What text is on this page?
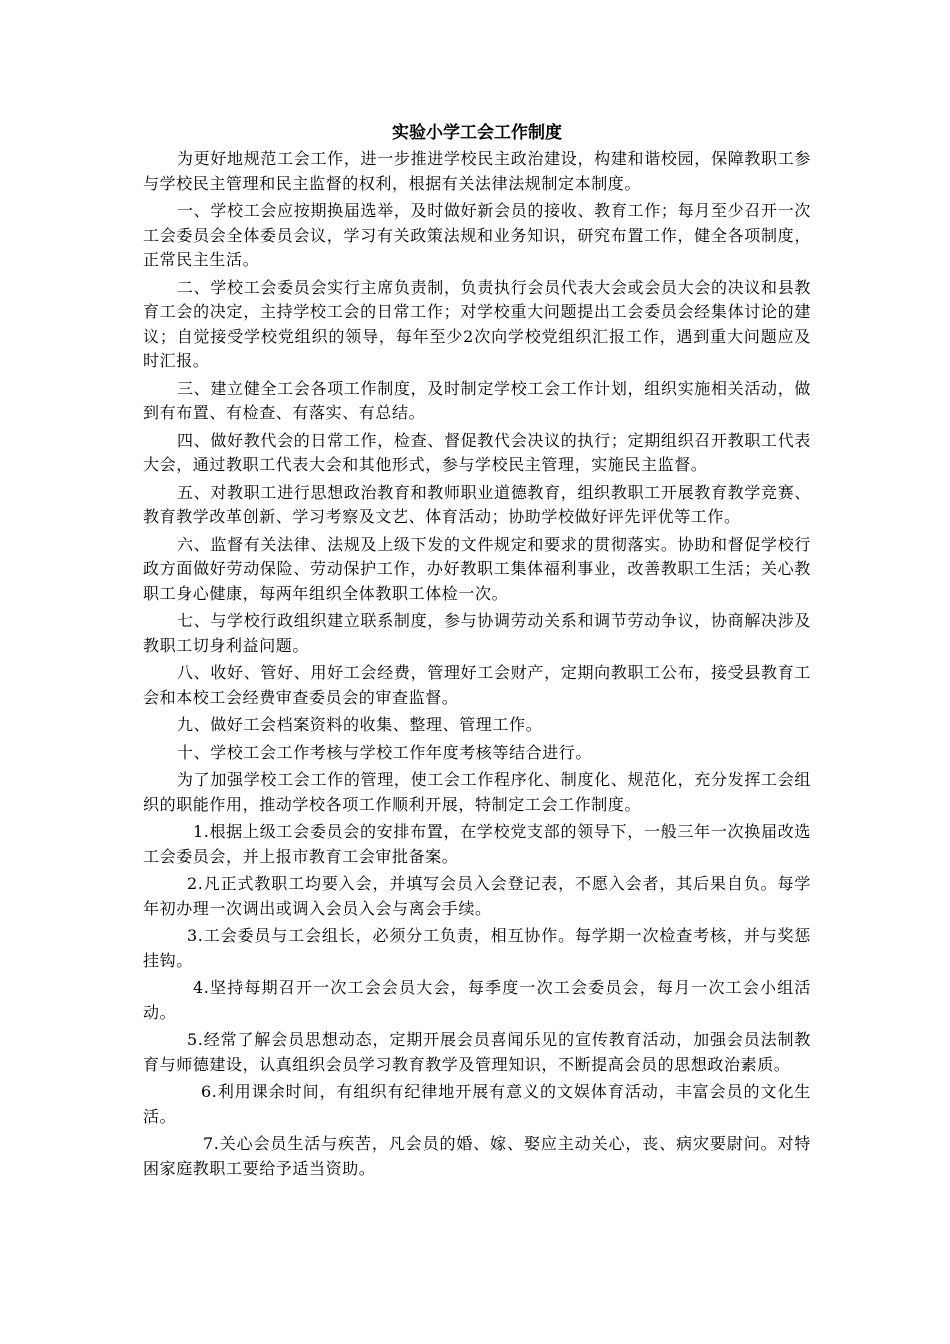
实验小学工会工作制度

为更好地规范工会工作，进一步推进学校民主政治建设，构建和谐校园，保障教职工参与学校民主管理和民主监督的权利，根据有关法律法规制定本制度。

一、学校工会应按期换届选举，及时做好新会员的接收、教育工作；每月至少召开一次工会委员会全体委员会议，学习有关政策法规和业务知识，研究布置工作，健全各项制度，正常民主生活。

二、学校工会委员会实行主席负责制，负责执行会员代表大会或会员大会的决议和县教育工会的决定，主持学校工会的日常工作；对学校重大问题提出工会委员会经集体讨论的建议；自觉接受学校党组织的领导，每年至少2次向学校党组织汇报工作，遇到重大问题应及时汇报。

三、建立健全工会各项工作制度，及时制定学校工会工作计划，组织实施相关活动，做到有布置、有检查、有落实、有总结。

四、做好教代会的日常工作，检查、督促教代会决议的执行；定期组织召开教职工代表大会，通过教职工代表大会和其他形式，参与学校民主管理，实施民主监督。

五、对教职工进行思想政治教育和教师职业道德教育，组织教职工开展教育教学竞赛、教育教学改革创新、学习考察及文艺、体育活动；协助学校做好评先评优等工作。

六、监督有关法律、法规及上级下发的文件规定和要求的贯彻落实。协助和督促学校行政方面做好劳动保险、劳动保护工作，办好教职工集体福利事业，改善教职工生活；关心教职工身心健康，每两年组织全体教职工体检一次。

七、与学校行政组织建立联系制度，参与协调劳动关系和调节劳动争议，协商解决涉及教职工切身利益问题。

八、收好、管好、用好工会经费，管理好工会财产，定期向教职工公布，接受县教育工会和本校工会经费审查委员会的审查监督。

九、做好工会档案资料的收集、整理、管理工作。

十、学校工会工作考核与学校工作年度考核等结合进行。

为了加强学校工会工作的管理，使工会工作程序化、制度化、规范化，充分发挥工会组织的职能作用，推动学校各项工作顺利开展，特制定工会工作制度。

1.根据上级工会委员会的安排布置，在学校党支部的领导下，一般三年一次换届改选工会委员会，并上报市教育工会审批备案。

2.凡正式教职工均要入会，并填写会员入会登记表，不愿入会者，其后果自负。每学年初办理一次调出或调入会员入会与离会手续。

3.工会委员与工会组长，必须分工负责，相互协作。每学期一次检查考核，并与奖惩挂钩。

4.坚持每期召开一次工会会员大会，每季度一次工会委员会，每月一次工会小组活动。

5.经常了解会员思想动态，定期开展会员喜闻乐见的宣传教育活动，加强会员法制教育与师德建设，认真组织会员学习教育教学及管理知识，不断提高会员的思想政治素质。

6.利用课余时间，有组织有纪律地开展有意义的文娱体育活动，丰富会员的文化生活。

7.关心会员生活与疾苦，凡会员的婚、嫁、娶应主动关心，丧、病灾要尉问。对特困家庭教职工要给予适当资助。
